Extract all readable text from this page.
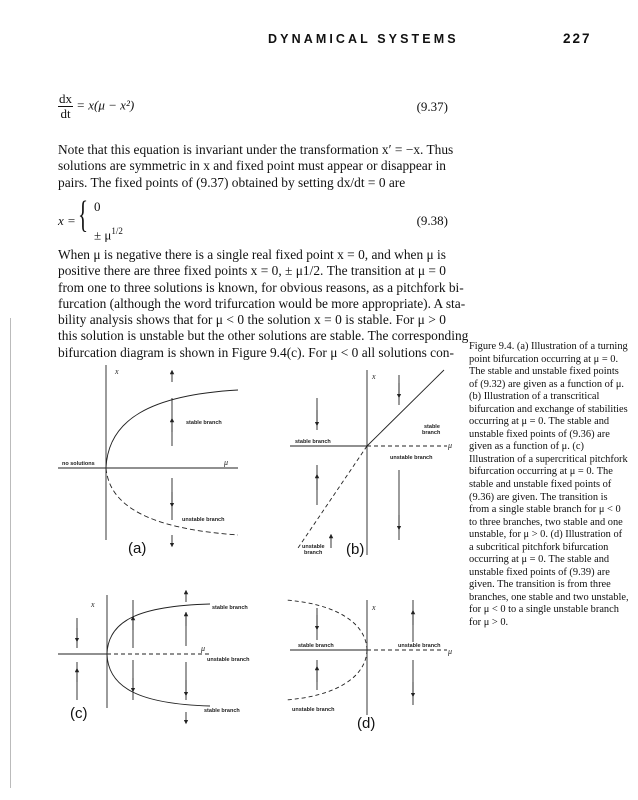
DYNAMICAL SYSTEMS	227
$\frac{dx}{dt} = x(\mu - x^2)$	(9.37)

Note that this equation is invariant under the transformation x′ = −x. Thus
solutions are symmetric in x and fixed point must appear or disappear in
pairs. The fixed points of (9.37) obtained by setting dx/dt = 0 are

x = { 0
± $\mu^{1/2}$
(9.38)

When μ is negative there is a single real fixed point x = 0, and when μ is
positive there are three fixed points x = 0, ± μ1/2. The transition at μ = 0
from one to three solutions is known, for obvious reasons, as a pitchfork bi-
furcation (although the word trifurcation would be more appropriate). A sta-
bility analysis shows that for μ < 0 the solution x = 0 is stable. For μ > 0
this solution is unstable but the other solutions are stable. The corresponding
bifurcation diagram is shown in Figure 9.4(c). For μ < 0 all solutions con- Figure 9.4. (a) Illustration of a turning point bifurcation occurring at μ = 0. The stable and unstable fixed points of (9.32) are given as a function of μ. (b) Illustration of a transcritical bifurcation and exchange of stabilities occurring at μ = 0. The stable and unstable fixed points of (9.36) are given as a function of μ. (c) Illustration of a supercritical pitchfork bifurcation occurring at μ = 0. The stable and unstable fixed points of (9.36) are given. The transition is from a single stable branch for μ < 0 to three branches, two stable and one unstable, for μ > 0. (d) Illustration of a subcritical pitchfork bifurcation occurring at μ = 0. The stable and unstable fixed points of (9.39) are given. The transition is from three branches, one stable and two unstable, for μ < 0 to a single unstable branch for μ > 0.

x
μ
stable branch
unstable branch
no solutions
(a)
x
μ
stable branch
stable
branch
unstable branch
unstable
branch (b)
x
μ
stable branch
unstable branch
stable branch
(c)
x
μ
stable branch	unstable branch
unstable branch
(d)
